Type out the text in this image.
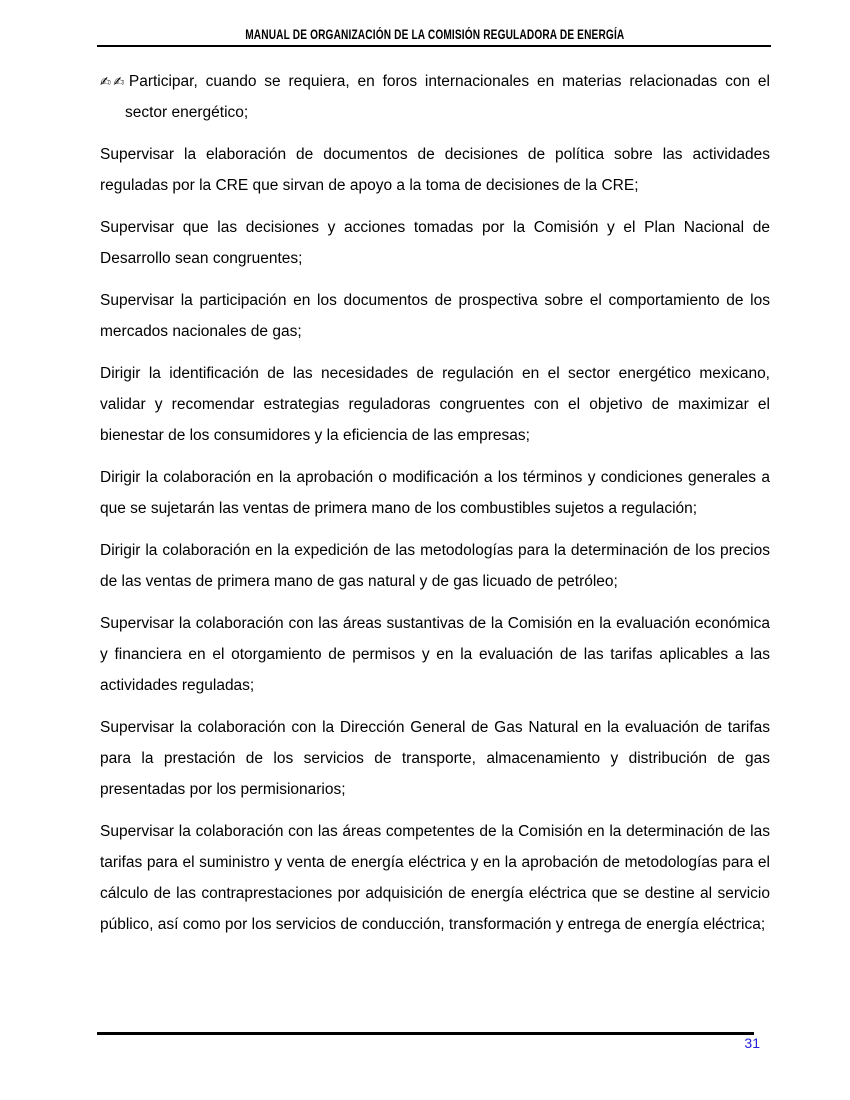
MANUAL DE ORGANIZACIÓN DE LA COMISIÓN REGULADORA DE ENERGÍA

✍✍ Participar, cuando se requiera, en foros internacionales en materias relacionadas con el sector energético;

Supervisar la elaboración de documentos de decisiones de política sobre las actividades reguladas por la CRE que sirvan de apoyo a la toma de decisiones de la CRE;

Supervisar que las decisiones y acciones tomadas por la Comisión y el Plan Nacional de Desarrollo sean congruentes;

Supervisar la participación en los documentos de prospectiva sobre el comportamiento de los mercados nacionales de gas;

Dirigir la identificación de las necesidades de regulación en el sector energético mexicano, validar y recomendar estrategias reguladoras congruentes con el objetivo de maximizar el bienestar de los consumidores y la eficiencia de las empresas;

Dirigir la colaboración en la aprobación o modificación a los términos y condiciones generales a que se sujetarán las ventas de primera mano de los combustibles sujetos a regulación;

Dirigir la colaboración en la expedición de las metodologías para la determinación de los precios de las ventas de primera mano de gas natural y de gas licuado de petróleo;

Supervisar la colaboración con las áreas sustantivas de la Comisión en la evaluación económica y financiera en el otorgamiento de permisos y en la evaluación de las tarifas aplicables a las actividades reguladas;

Supervisar la colaboración con la Dirección General de Gas Natural en la evaluación de tarifas para la prestación de los servicios de transporte, almacenamiento y distribución de gas presentadas por los permisionarios;

Supervisar la colaboración con las áreas competentes de la Comisión en la determinación de las tarifas para el suministro y venta de energía eléctrica y en la aprobación de metodologías para el cálculo de las contraprestaciones por adquisición de energía eléctrica que se destine al servicio público, así como por los servicios de conducción, transformación y entrega de energía eléctrica;

31
